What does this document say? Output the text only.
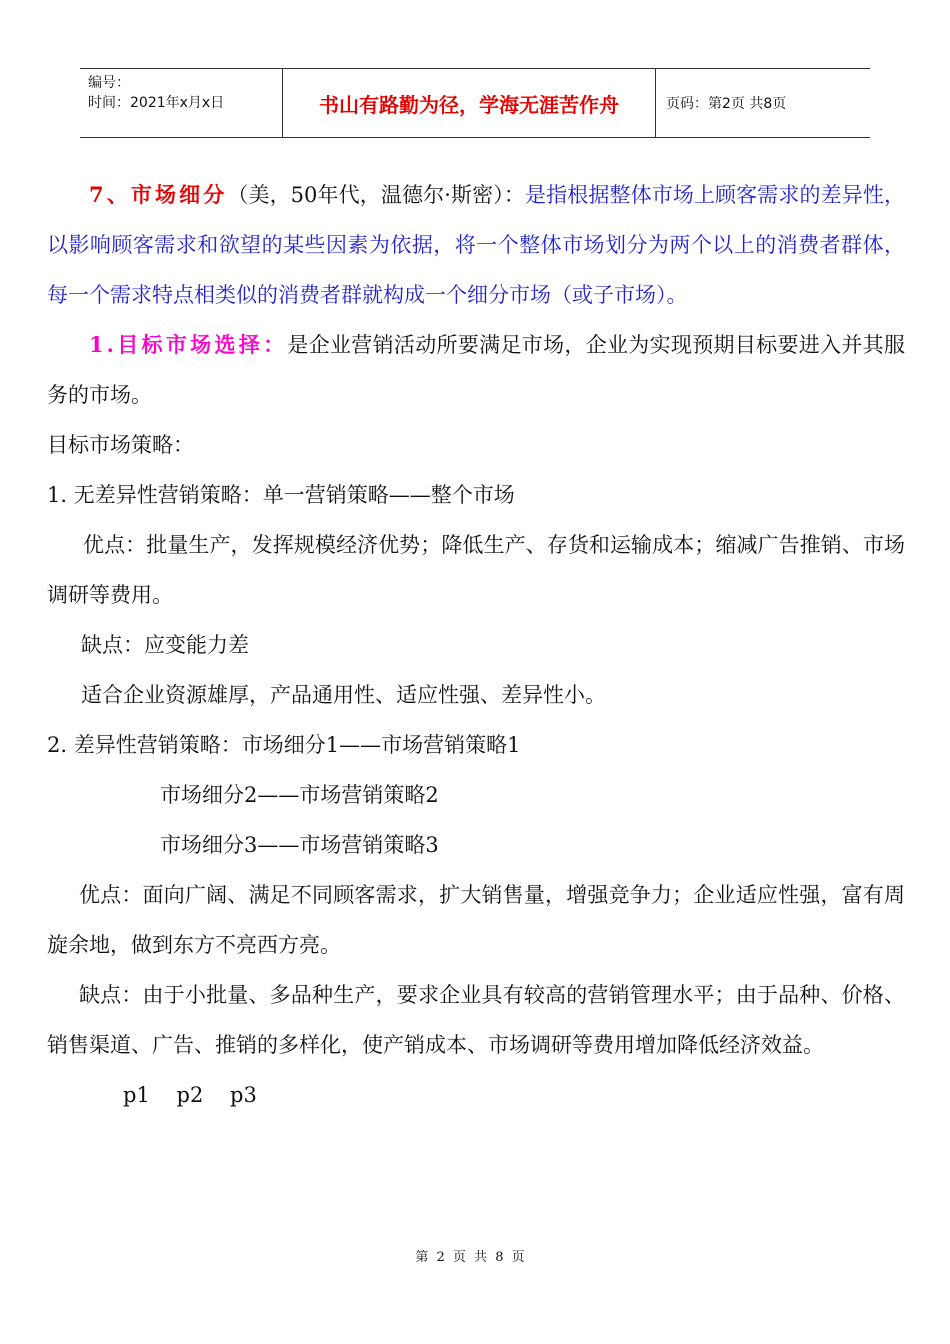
编号：
时间：2021年x月x日	书山有路勤为径，学海无涯苦作舟	页码：第2页 共8页

7、市场细分（美，50年代，温德尔·斯密）：是指根据整体市场上顾客需求的差异性，以影响顾客需求和欲望的某些因素为依据，将一个整体市场划分为两个以上的消费者群体，每一个需求特点相类似的消费者群就构成一个细分市场（或子市场）。

1.目标市场选择：是企业营销活动所要满足市场，企业为实现预期目标要进入并其服务的市场。

目标市场策略：

1. 无差异性营销策略：单一营销策略——整个市场

优点：批量生产，发挥规模经济优势；降低生产、存货和运输成本；缩减广告推销、市场调研等费用。

缺点：应变能力差

适合企业资源雄厚，产品通用性、适应性强、差异性小。

2. 差异性营销策略：市场细分1——市场营销策略1

市场细分2——市场营销策略2

市场细分3——市场营销策略3

优点：面向广阔、满足不同顾客需求，扩大销售量，增强竞争力；企业适应性强，富有周旋余地，做到东方不亮西方亮。

缺点：由于小批量、多品种生产，要求企业具有较高的营销管理水平；由于品种、价格、销售渠道、广告、推销的多样化，使产销成本、市场调研等费用增加降低经济效益。

p1    p2    p3

第 2 页 共 8 页
